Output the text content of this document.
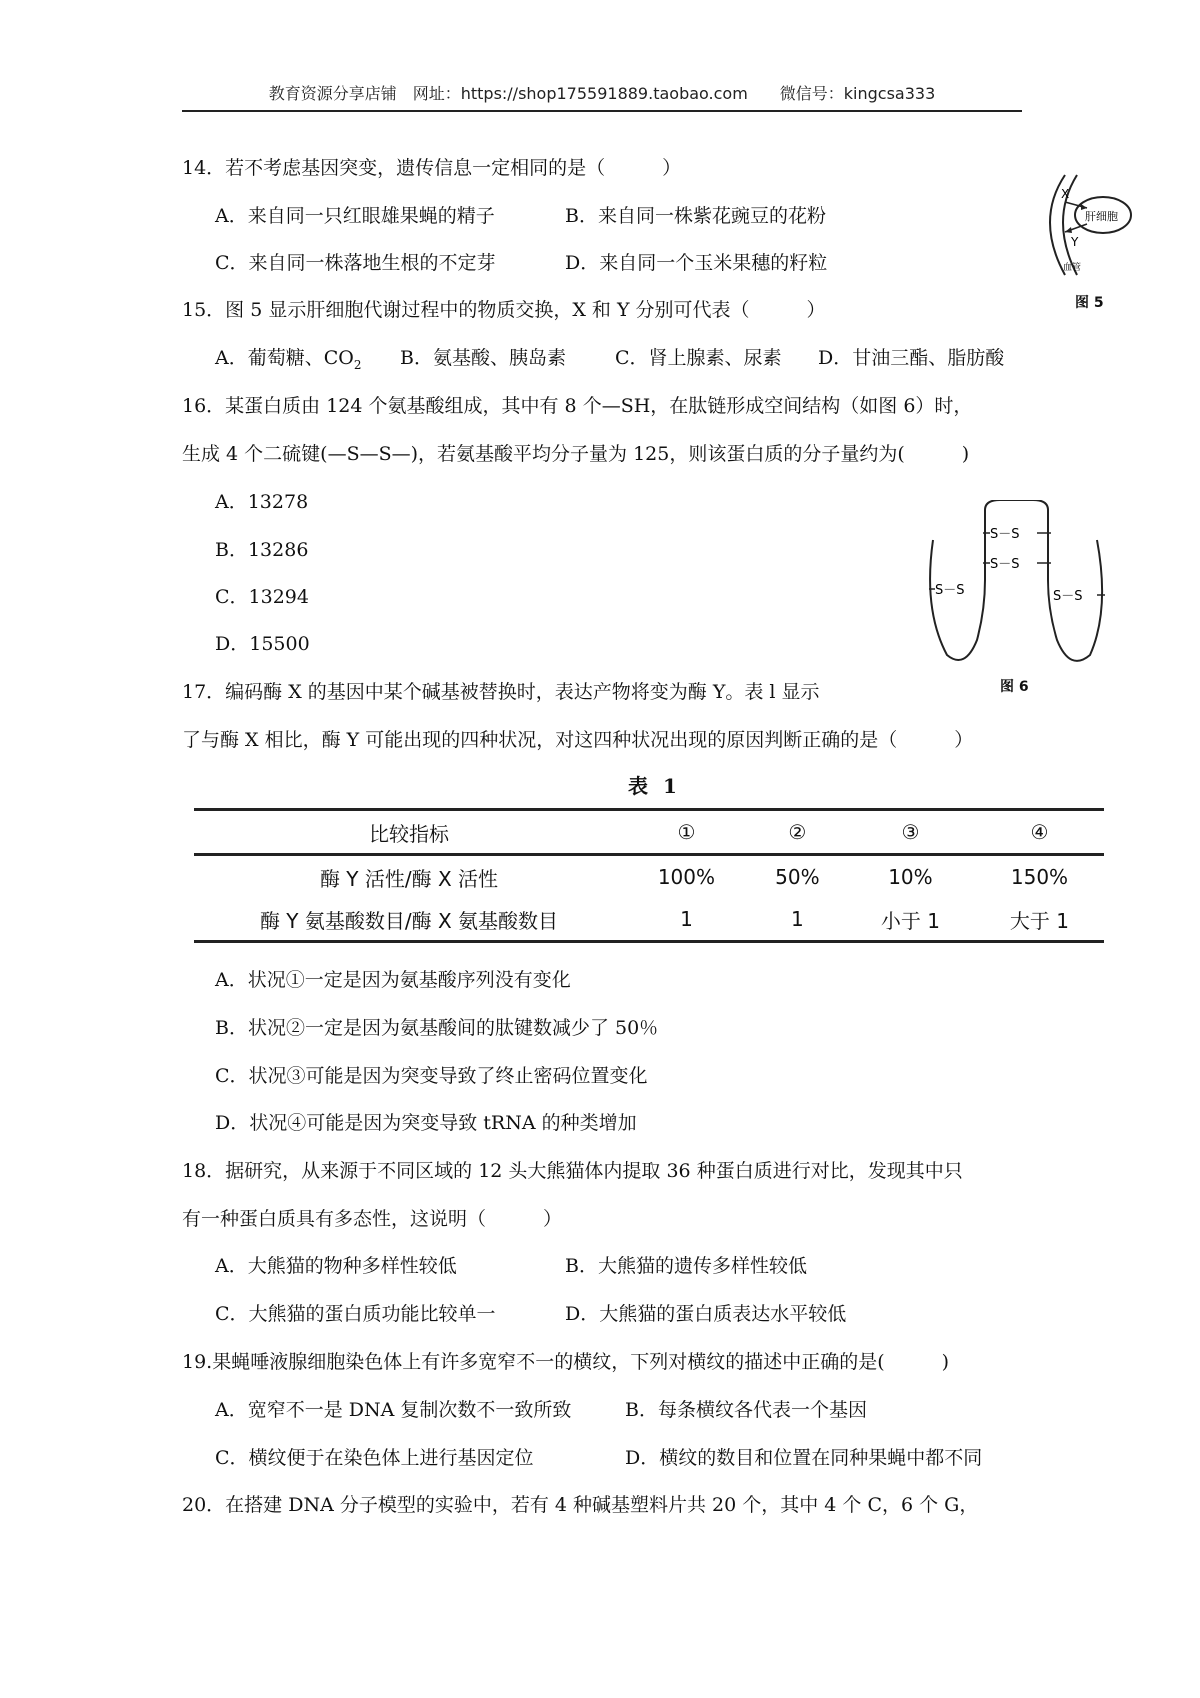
教育资源分享店铺　网址：https://shop175591889.taobao.com　　微信号：kingcsa333
14．若不考虑基因突变，遗传信息一定相同的是（　　　）
A．来自同一只红眼雄果蝇的精子	B．来自同一株紫花豌豆的花粉
C．来自同一株落地生根的不定芽	D．来自同一个玉米果穗的籽粒
X
Y
肝细胞
血管
图 5
15．图 5 显示肝细胞代谢过程中的物质交换，X 和 Y 分别可代表（　　　）
A．葡萄糖、$CO_2$ B．氨基酸、胰岛素	C．肾上腺素、尿素 D．甘油三酯、脂肪酸
16．某蛋白质由 124 个氨基酸组成，其中有 8 个—SH，在肽链形成空间结构（如图 6）时，
生成 4 个二硫键(—S—S—)，若氨基酸平均分子量为 125，则该蛋白质的分子量约为(　　　)
A．13278
B．13286
C．13294
D．15500
S－S
S－S
S－S
S－S
图 6
17．编码酶 X 的基因中某个碱基被替换时，表达产物将变为酶 Y。表 l 显示
了与酶 X 相比，酶 Y 可能出现的四种状况，对这四种状况出现的原因判断正确的是（　　　）
表 1
比较指标	①	②	③	④
酶 Y 活性/酶 X 活性	100%	50%	10%	150%
酶 Y 氨基酸数目/酶 X 氨基酸数目	1	1	小于 1	大于 1
A．状况①一定是因为氨基酸序列没有变化
B．状况②一定是因为氨基酸间的肽键数减少了 50％
C．状况③可能是因为突变导致了终止密码位置变化
D．状况④可能是因为突变导致 tRNA 的种类增加
18．据研究，从来源于不同区域的 12 头大熊猫体内提取 36 种蛋白质进行对比，发现其中只
有一种蛋白质具有多态性，这说明（　　　）
A．大熊猫的物种多样性较低	B．大熊猫的遗传多样性较低
C．大熊猫的蛋白质功能比较单一	D．大熊猫的蛋白质表达水平较低
19.果蝇唾液腺细胞染色体上有许多宽窄不一的横纹，下列对横纹的描述中正确的是(　　　)
A．宽窄不一是 DNA 复制次数不一致所致	B．每条横纹各代表一个基因
C．横纹便于在染色体上进行基因定位	D．横纹的数目和位置在同种果蝇中都不同
20．在搭建 DNA 分子模型的实验中，若有 4 种碱基塑料片共 20 个，其中 4 个 C，6 个 G，
